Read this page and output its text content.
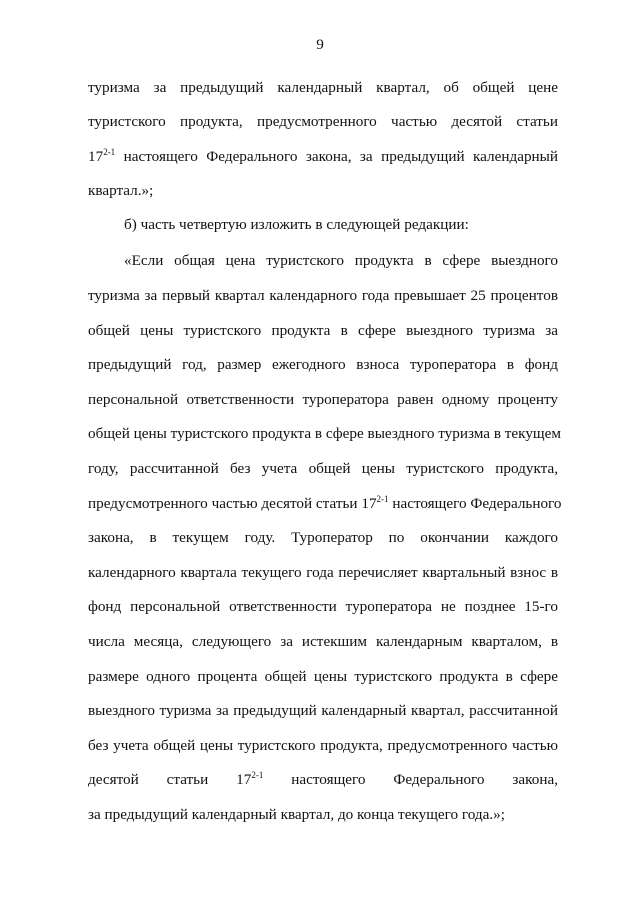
9
туризма за предыдущий календарный квартал, об общей цене
туристского продукта, предусмотренного частью десятой статьи
17$^{2-1}$ настоящего Федерального закона, за предыдущий календарный
квартал.»;
б) часть четвертую изложить в следующей редакции:
«Если общая цена туристского продукта в сфере выездного
туризма за первый квартал календарного года превышает 25 процентов
общей цены туристского продукта в сфере выездного туризма за
предыдущий год, размер ежегодного взноса туроператора в фонд
персональной ответственности туроператора равен одному проценту
общей цены туристского продукта в сфере выездного туризма в текущем
году, рассчитанной без учета общей цены туристского продукта,
предусмотренного частью десятой статьи 17$^{2-1}$ настоящего Федерального
закона, в текущем году. Туроператор по окончании каждого
календарного квартала текущего года перечисляет квартальный взнос в
фонд персональной ответственности туроператора не позднее 15-го
числа месяца, следующего за истекшим календарным кварталом, в
размере одного процента общей цены туристского продукта в сфере
выездного туризма за предыдущий календарный квартал, рассчитанной
без учета общей цены туристского продукта, предусмотренного частью
десятой статьи 17$^{2-1}$ настоящего Федерального закона,
за предыдущий календарный квартал, до конца текущего года.»;
